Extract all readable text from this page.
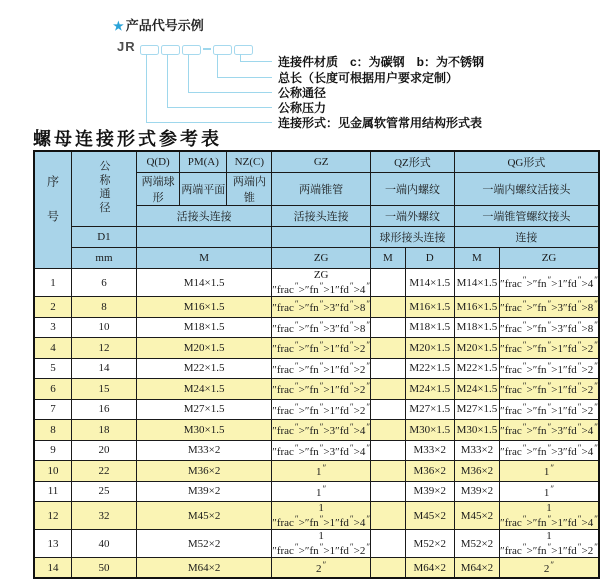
★ 产品代号示例
JR
连接件材质　c：为碳钢　b：为不锈钢
总长（长度可根据用户要求定制）
公称通径
公称压力
连接形式：见金属软管常用结构形式表
螺母连接形式参考表
序号	公称通径	Q(D)	PM(A)	NZ(C)	GZ	QZ形式		QG形式	
		两端球形	两端平面	两端内锥	两端锥管	一端内螺纹		一端内螺纹活接头	
		活接头连接			活接头连接	一端外螺纹		一端锥管螺纹接头	
	D1					球形接头连接		连接	
	mm	M			ZG	M	D	M	ZG
1	6	M14×1.5			ZG ″frac″>″fn″>1″fd″>4″		M14×1.5	M14×1.5	″frac″>″fn″>1″fd″>4″
2	8	M16×1.5			″frac″>″fn″>3″fd″>8″		M16×1.5	M16×1.5	″frac″>″fn″>3″fd″>8″
3	10	M18×1.5			″frac″>″fn″>3″fd″>8″		M18×1.5	M18×1.5	″frac″>″fn″>3″fd″>8″
4	12	M20×1.5			″frac″>″fn″>1″fd″>2″		M20×1.5	M20×1.5	″frac″>″fn″>1″fd″>2″
5	14	M22×1.5			″frac″>″fn″>1″fd″>2″		M22×1.5	M22×1.5	″frac″>″fn″>1″fd″>2″
6	15	M24×1.5			″frac″>″fn″>1″fd″>2″		M24×1.5	M24×1.5	″frac″>″fn″>1″fd″>2″
7	16	M27×1.5			″frac″>″fn″>1″fd″>2″		M27×1.5	M27×1.5	″frac″>″fn″>1″fd″>2″
8	18	M30×1.5			″frac″>″fn″>3″fd″>4″		M30×1.5	M30×1.5	″frac″>″fn″>3″fd″>4″
9	20	M33×2			″frac″>″fn″>3″fd″>4″		M33×2	M33×2	″frac″>″fn″>3″fd″>4″
10	22	M36×2			1″		M36×2	M36×2	1″
11	25	M39×2			1″		M39×2	M39×2	1″
12	32	M45×2			1 ″frac″>″fn″>1″fd″>4″		M45×2	M45×2	1 ″frac″>″fn″>1″fd″>4″
13	40	M52×2			1 ″frac″>″fn″>1″fd″>2″		M52×2	M52×2	1 ″frac″>″fn″>1″fd″>2″
14	50	M64×2			2″		M64×2	M64×2	2″
